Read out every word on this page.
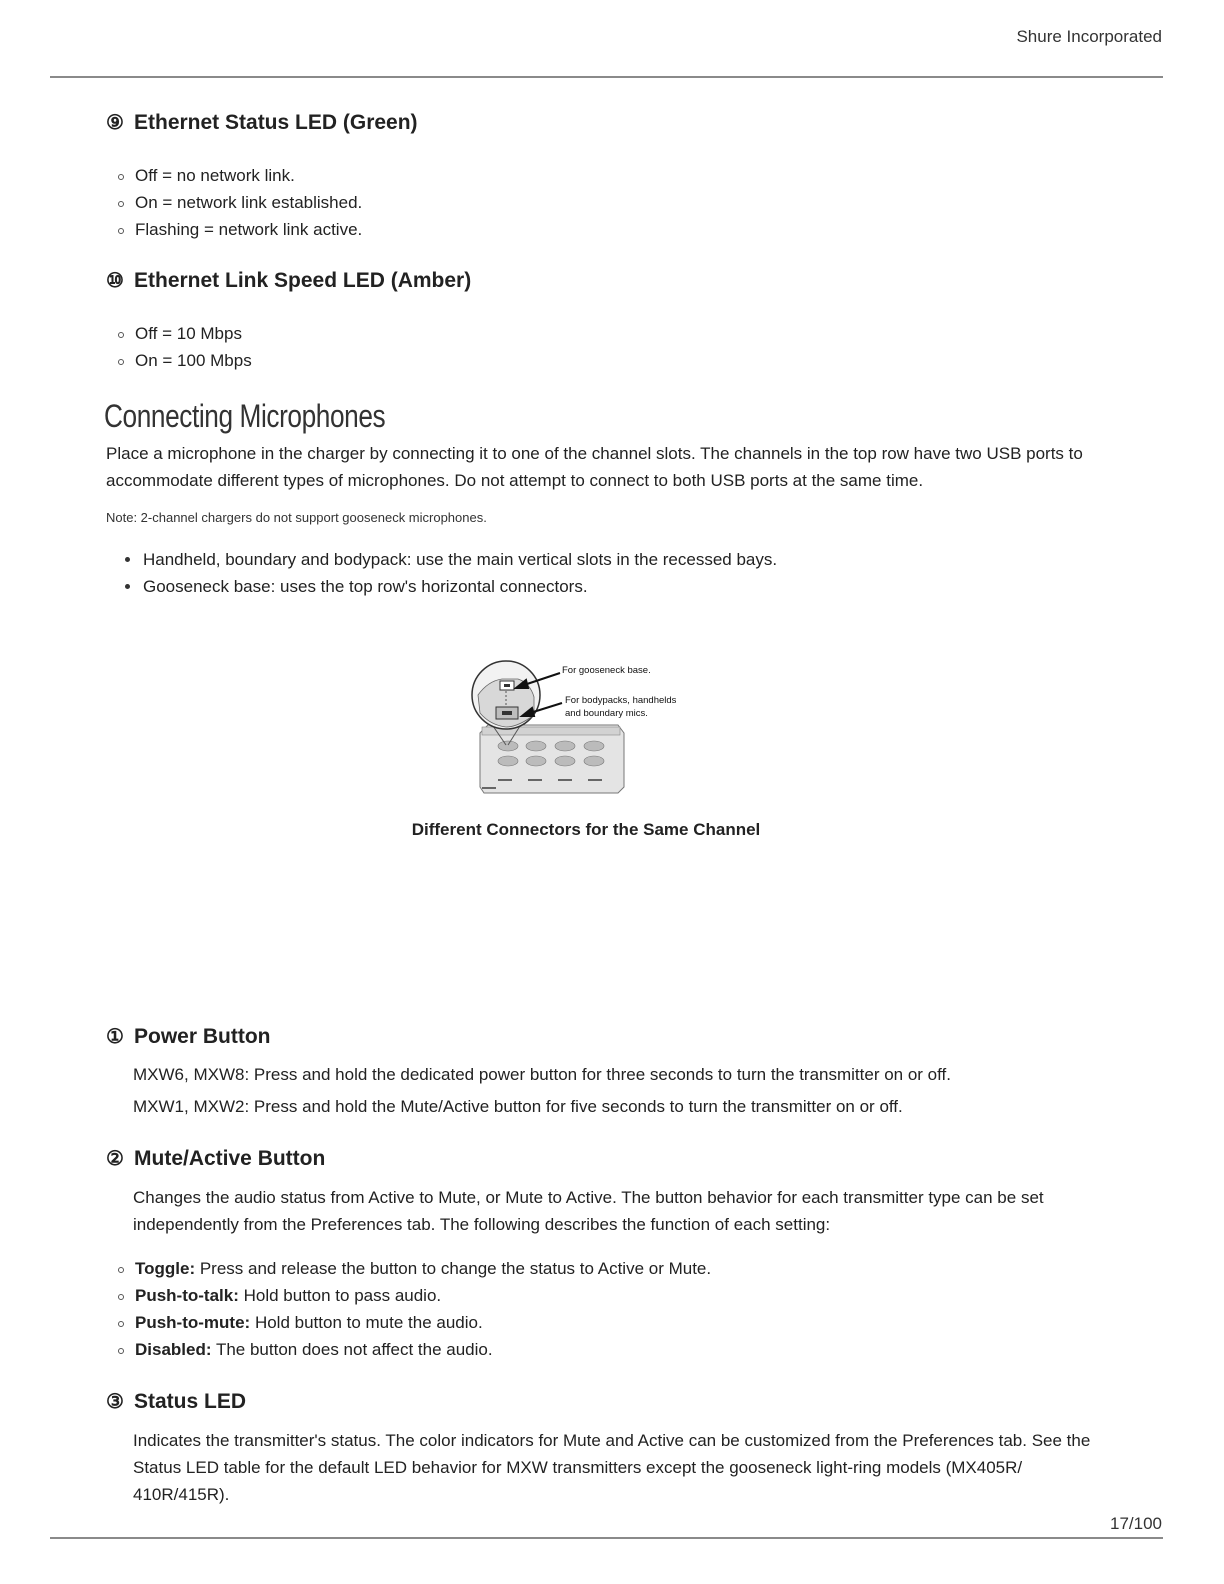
Shure Incorporated
⑨ Ethernet Status LED (Green)
Off = no network link.
On = network link established.
Flashing = network link active.
⑩ Ethernet Link Speed LED (Amber)
Off = 10 Mbps
On = 100 Mbps
Connecting Microphones
Place a microphone in the charger by connecting it to one of the channel slots. The channels in the top row have two USB ports to accommodate different types of microphones. Do not attempt to connect to both USB ports at the same time.
Note: 2-channel chargers do not support gooseneck microphones.
Handheld, boundary and bodypack: use the main vertical slots in the recessed bays.
Gooseneck base: uses the top row's horizontal connectors.
For gooseneck base.
For bodypacks, handhelds
and boundary mics.
Different Connectors for the Same Channel
① Power Button
MXW6, MXW8: Press and hold the dedicated power button for three seconds to turn the transmitter on or off.
MXW1, MXW2: Press and hold the Mute/Active button for five seconds to turn the transmitter on or off.
② Mute/Active Button
Changes the audio status from Active to Mute, or Mute to Active. The button behavior for each transmitter type can be set independently from the Preferences tab. The following describes the function of each setting:
Toggle: Press and release the button to change the status to Active or Mute.
Push-to-talk: Hold button to pass audio.
Push-to-mute: Hold button to mute the audio.
Disabled: The button does not affect the audio.
③ Status LED
Indicates the transmitter's status. The color indicators for Mute and Active can be customized from the Preferences tab. See the Status LED table for the default LED behavior for MXW transmitters except the gooseneck light-ring models (MX405R/ 410R/415R).
17/100
